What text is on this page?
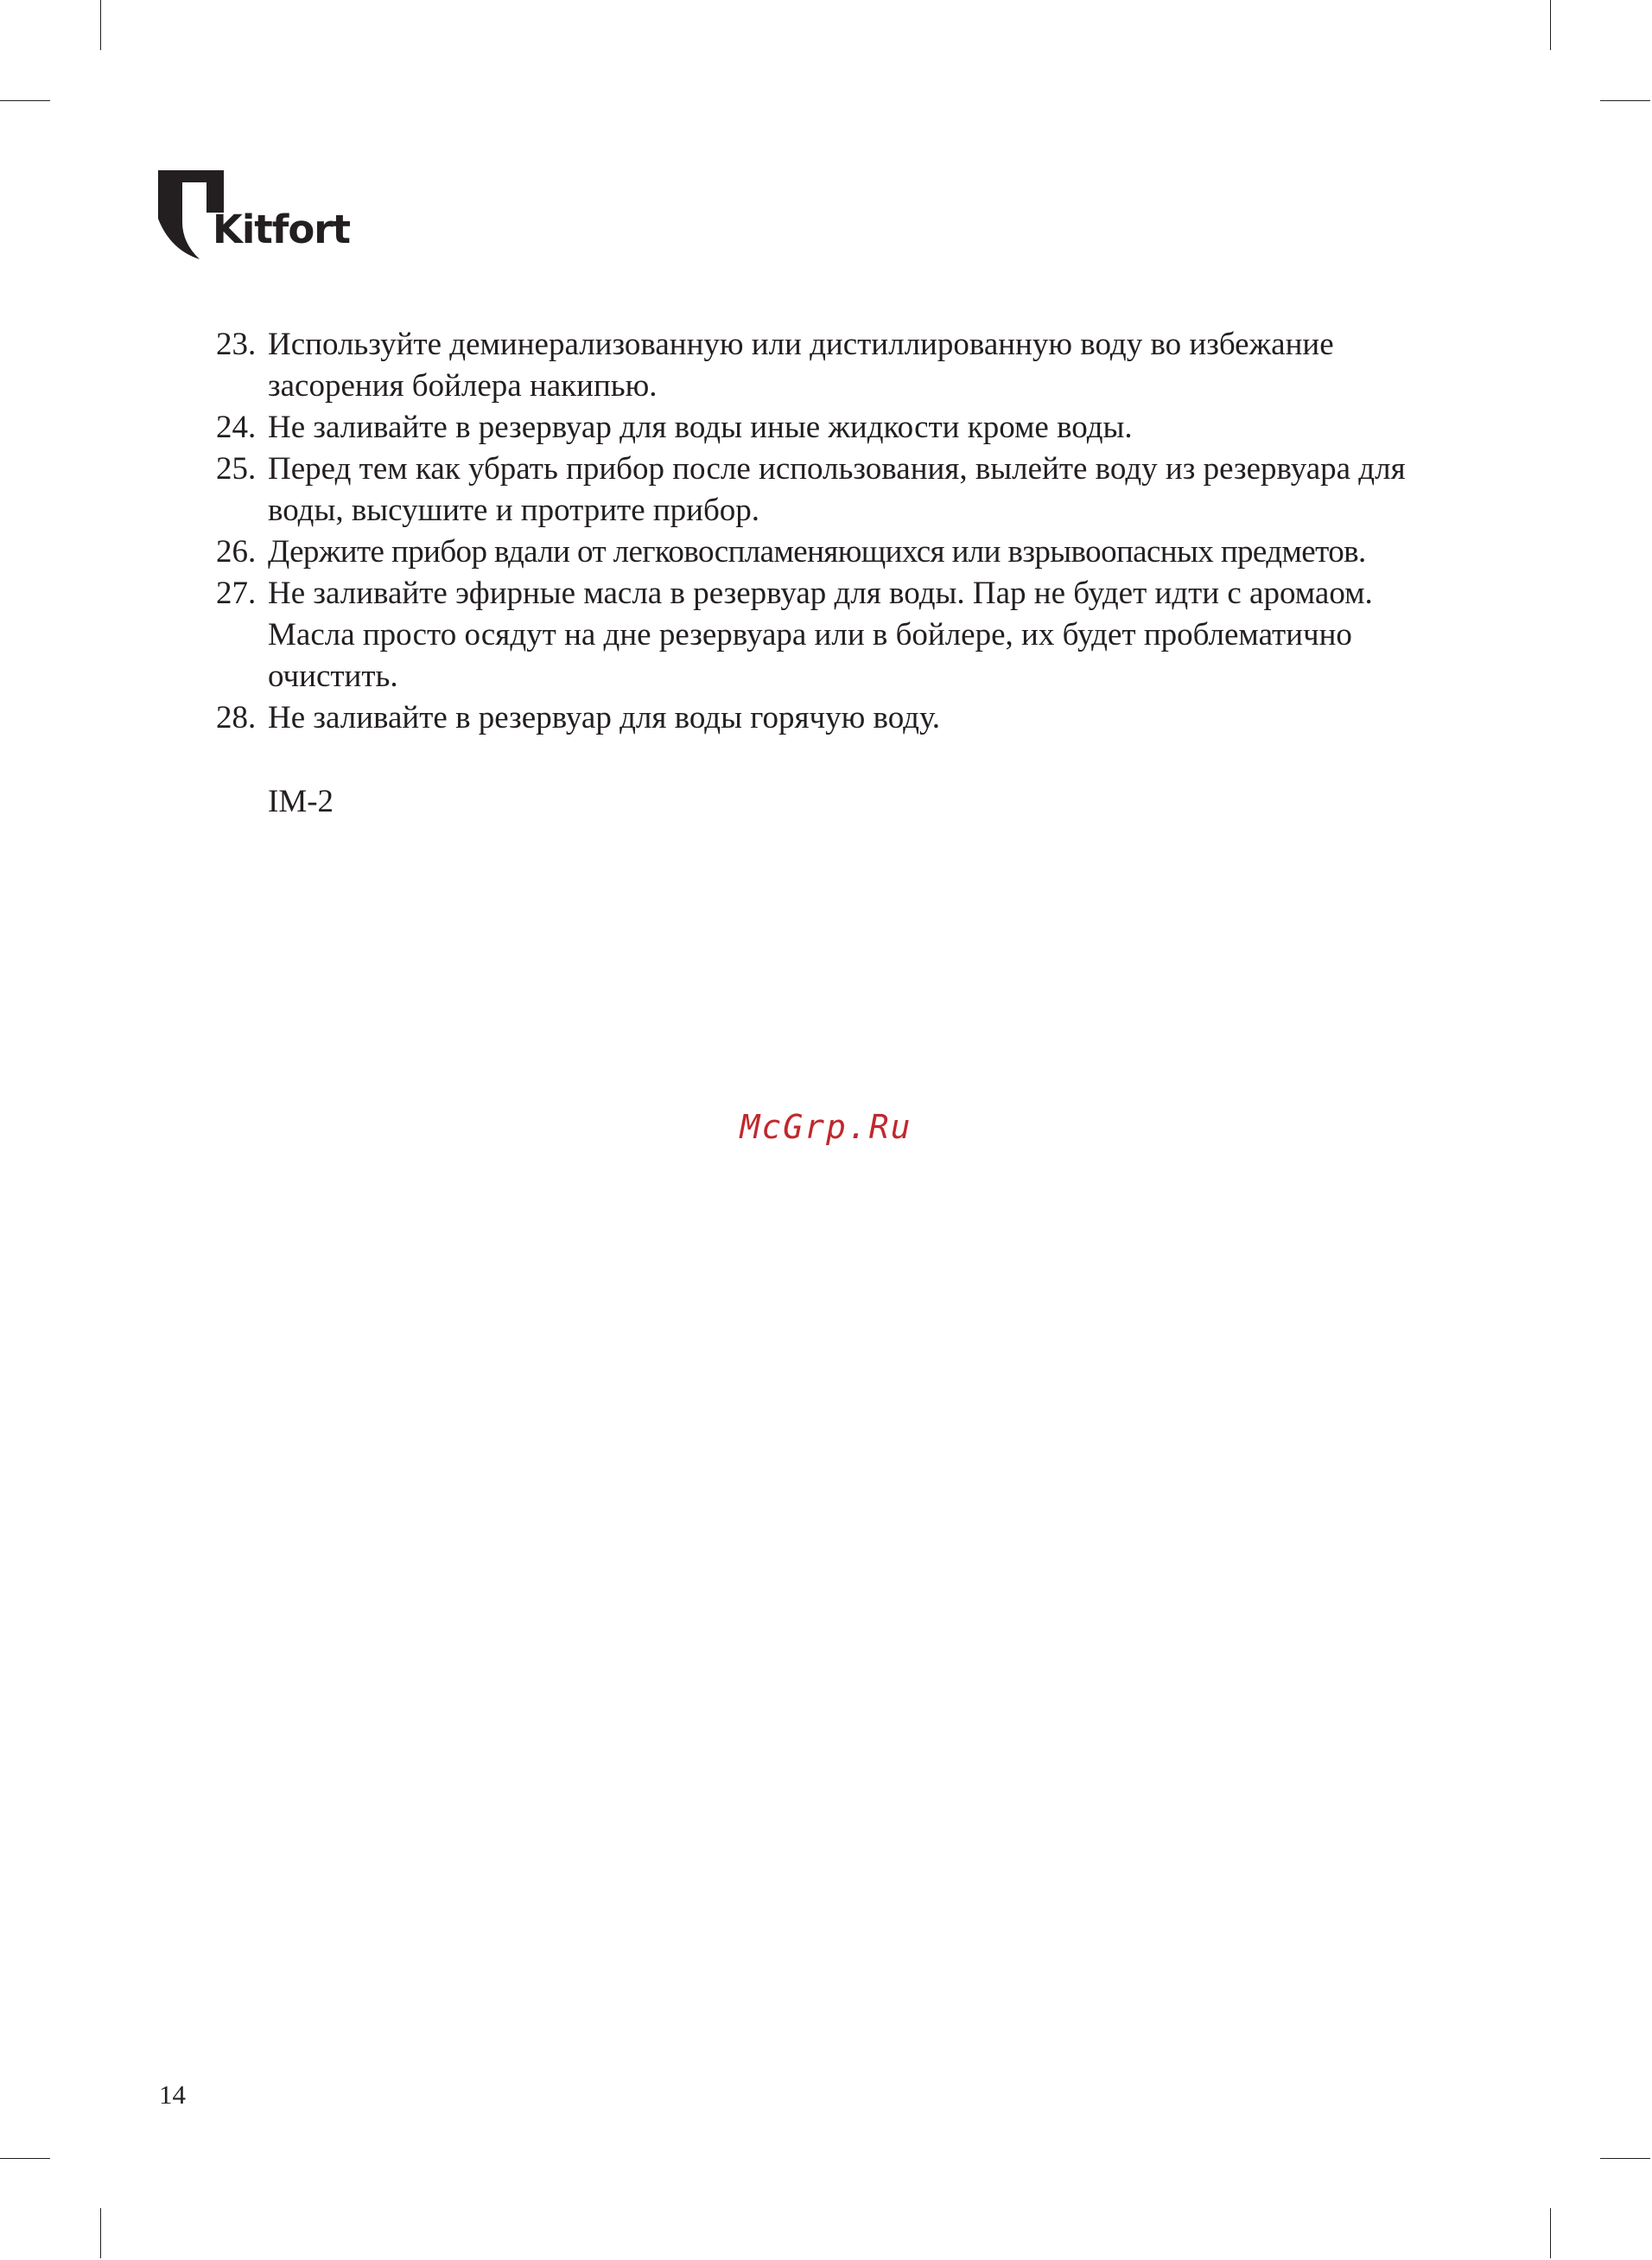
Kitfort
23. Используйте деминерализованную или дистиллированную воду во избежание засорения бойлера накипью.
24. Не заливайте в резервуар для воды иные жидкости кроме воды.
25. Перед тем как убрать прибор после использования, вылейте воду из резервуара для воды, высушите и протрите прибор.
26. Держите прибор вдали от легковоспламеняющихся или взрывоопасных предметов.
27. Не заливайте эфирные масла в резервуар для воды. Пар не будет идти с аромаом. Масла просто осядут на дне резервуара или в бойлере, их будет проблематично очистить.
28. Не заливайте в резервуар для воды горячую воду.
IM-2
McGrp.Ru
14
